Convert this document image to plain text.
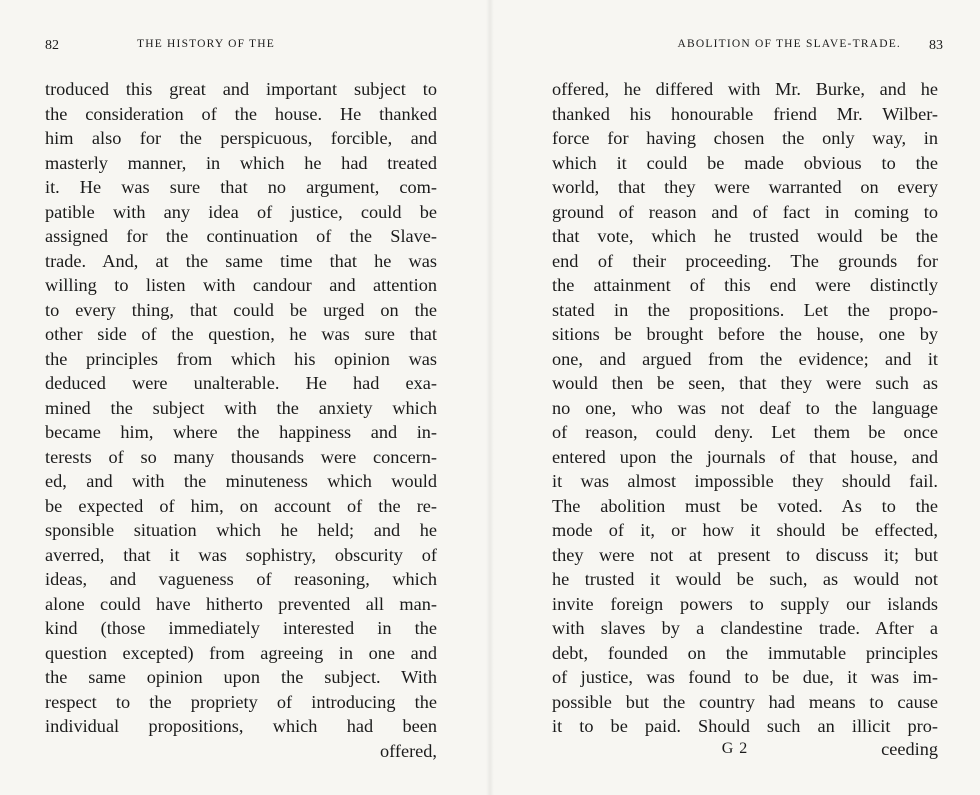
82	THE HISTORY OF THE
troduced this great and important subject to
the consideration of the house. He thanked
him also for the perspicuous, forcible, and
masterly manner, in which he had treated
it. He was sure that no argument, com-
patible with any idea of justice, could be
assigned for the continuation of the Slave-
trade. And, at the same time that he was
willing to listen with candour and attention
to every thing, that could be urged on the
other side of the question, he was sure that
the principles from which his opinion was
deduced were unalterable. He had exa-
mined the subject with the anxiety which
became him, where the happiness and in-
terests of so many thousands were concern-
ed, and with the minuteness which would
be expected of him, on account of the re-
sponsible situation which he held; and he
averred, that it was sophistry, obscurity of
ideas, and vagueness of reasoning, which
alone could have hitherto prevented all man-
kind (those immediately interested in the
question excepted) from agreeing in one and
the same opinion upon the subject. With
respect to the propriety of introducing the
individual propositions, which had been
offered,
ABOLITION OF THE SLAVE-TRADE. 83
offered, he differed with Mr. Burke, and he
thanked his honourable friend Mr. Wilber-
force for having chosen the only way, in
which it could be made obvious to the
world, that they were warranted on every
ground of reason and of fact in coming to
that vote, which he trusted would be the
end of their proceeding. The grounds for
the attainment of this end were distinctly
stated in the propositions. Let the propo-
sitions be brought before the house, one by
one, and argued from the evidence; and it
would then be seen, that they were such as
no one, who was not deaf to the language
of reason, could deny. Let them be once
entered upon the journals of that house, and
it was almost impossible they should fail.
The abolition must be voted. As to the
mode of it, or how it should be effected,
they were not at present to discuss it; but
he trusted it would be such, as would not
invite foreign powers to supply our islands
with slaves by a clandestine trade. After a
debt, founded on the immutable principles
of justice, was found to be due, it was im-
possible but the country had means to cause
it to be paid. Should such an illicit pro-
G 2	ceeding
